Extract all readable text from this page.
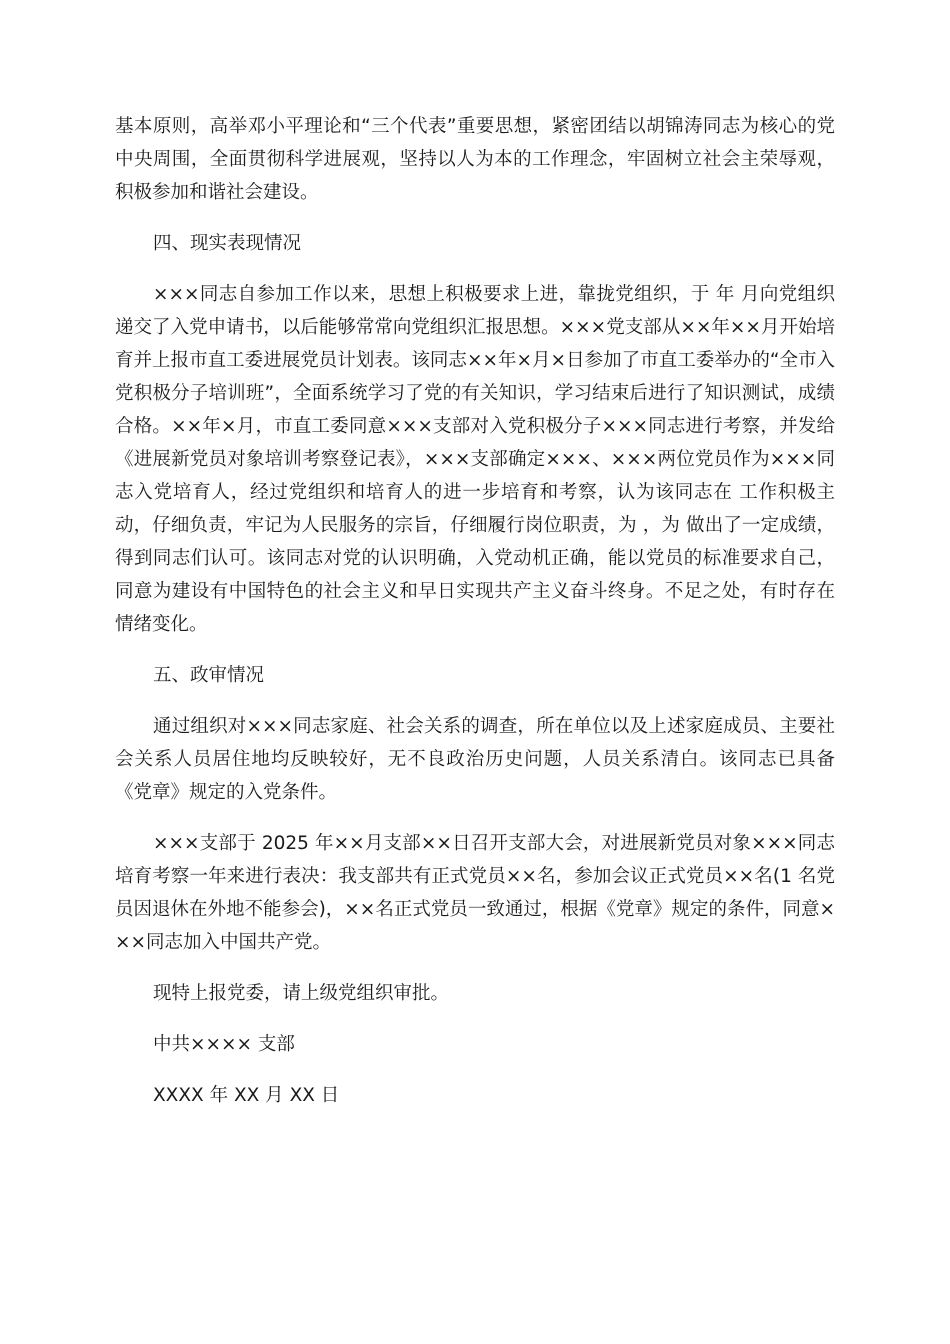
基本原则，高举邓小平理论和“三个代表”重要思想，紧密团结以胡锦涛同志为核心的党中央周围，全面贯彻科学进展观，坚持以人为本的工作理念，牢固树立社会主荣辱观，积极参加和谐社会建设。

四、现实表现情况

×××同志自参加工作以来，思想上积极要求上进，靠拢党组织，于 年 月向党组织递交了入党申请书，以后能够常常向党组织汇报思想。×××党支部从××年××月开始培育并上报市直工委进展党员计划表。该同志××年×月×日参加了市直工委举办的“全市入党积极分子培训班”，全面系统学习了党的有关知识，学习结束后进行了知识测试，成绩合格。××年×月，市直工委同意×××支部对入党积极分子×××同志进行考察，并发给《进展新党员对象培训考察登记表》，×××支部确定×××、×××两位党员作为×××同志入党培育人，经过党组织和培育人的进一步培育和考察，认为该同志在 工作积极主动，仔细负责，牢记为人民服务的宗旨，仔细履行岗位职责，为 ，为 做出了一定成绩，得到同志们认可。该同志对党的认识明确，入党动机正确，能以党员的标准要求自己，同意为建设有中国特色的社会主义和早日实现共产主义奋斗终身。不足之处，有时存在情绪变化。

五、政审情况

通过组织对×××同志家庭、社会关系的调查，所在单位以及上述家庭成员、主要社会关系人员居住地均反映较好，无不良政治历史问题，人员关系清白。该同志已具备《党章》规定的入党条件。

×××支部于 2025 年××月支部××日召开支部大会，对进展新党员对象×××同志培育考察一年来进行表决：我支部共有正式党员××名，参加会议正式党员××名(1 名党员因退休在外地不能参会)，××名正式党员一致通过，根据《党章》规定的条件，同意×××同志加入中国共产党。

现特上报党委，请上级党组织审批。

中共×××× 支部

XXXX 年 XX 月 XX 日
